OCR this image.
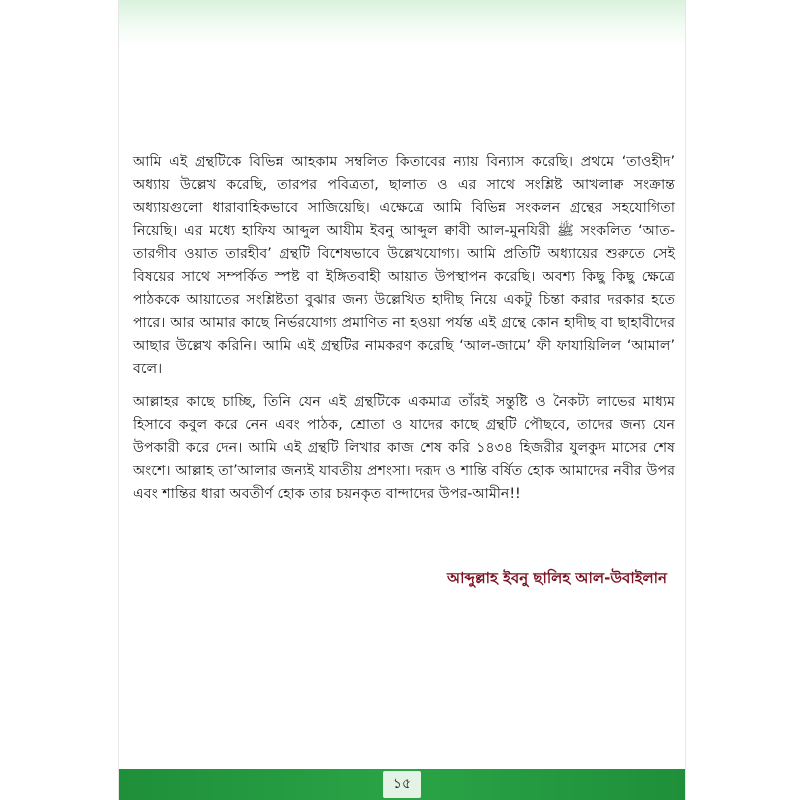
আমি এই গ্রন্থটিকে বিভিন্ন আহকাম সম্বলিত কিতাবের ন্যায় বিন্যাস করেছি। প্রথমে ‘তাওহীদ’ অধ্যায় উল্লেখ করেছি, তারপর পবিত্রতা, ছালাত ও এর সাথে সংশ্লিষ্ট আখলাক্ব সংক্রান্ত অধ্যায়গুলো ধারাবাহিকভাবে সাজিয়েছি। এক্ষেত্রে আমি বিভিন্ন সংকলন গ্রন্থের সহযোগিতা নিয়েছি। এর মধ্যে হাফিয আব্দুল আযীম ইবনু আব্দুল ক্বাবী আল-মুনযিরী ﷺ সংকলিত ‘আত-তারগীব ওয়াত তারহীব’ গ্রন্থটি বিশেষভাবে উল্লেখযোগ্য। আমি প্রতিটি অধ্যায়ের শুরুতে সেই বিষয়ের সাথে সম্পর্কিত স্পষ্ট বা ইঙ্গিতবাহী আয়াত উপস্থাপন করেছি। অবশ্য কিছু কিছু ক্ষেত্রে পাঠককে আয়াতের সংশ্লিষ্টতা বুঝার জন্য উল্লেখিত হাদীছ নিয়ে একটু চিন্তা করার দরকার হতে পারে। আর আমার কাছে নির্ভরযোগ্য প্রমাণিত না হওয়া পর্যন্ত এই গ্রন্থে কোন হাদীছ বা ছাহাবীদের আছার উল্লেখ করিনি। আমি এই গ্রন্থটির নামকরণ করেছি ‘আল-জামে’ ফী ফাযায়িলিল ‘আমাল’ বলে।

আল্লাহর কাছে চাচ্ছি, তিনি যেন এই গ্রন্থটিকে একমাত্র তাঁরই সন্তুষ্টি ও নৈকট্য লাভের মাধ্যম হিসাবে কবুল করে নেন এবং পাঠক, শ্রোতা ও যাদের কাছে গ্রন্থটি পৌছবে, তাদের জন্য যেন উপকারী করে দেন। আমি এই গ্রন্থটি লিখার কাজ শেষ করি ১৪৩৪ হিজরীর যুলকুদ মাসের শেষ অংশে। আল্লাহ তা’আলার জন্যই যাবতীয় প্রশংসা। দরূদ ও শান্তি বর্ষিত হোক আমাদের নবীর উপর এবং শান্তির ধারা অবতীর্ণ হোক তার চয়নকৃত বান্দাদের উপর-আমীন!!

আব্দুল্লাহ ইবনু ছালিহ আল-উবাইলান
১৫
